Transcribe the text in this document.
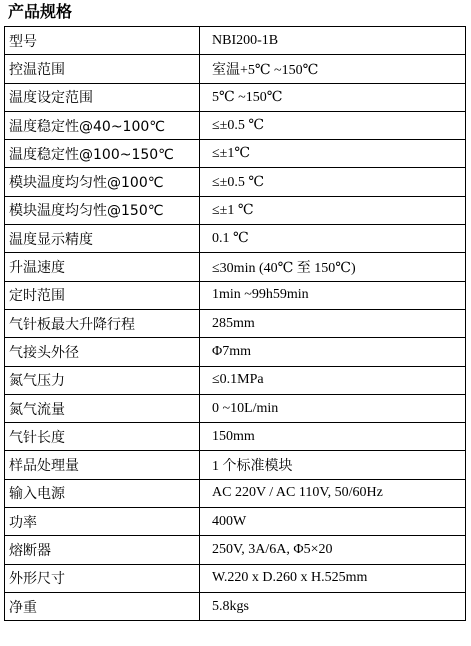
产品规格
型号	NBI200-1B
控温范围	室温+5℃ ~150℃
温度设定范围	5℃ ~150℃
温度稳定性@40~100℃	≤±0.5 ℃
温度稳定性@100~150℃	≤±1℃
模块温度均匀性@100℃	≤±0.5 ℃
模块温度均匀性@150℃	≤±1 ℃
温度显示精度	0.1 ℃
升温速度	≤30min (40℃ 至 150℃)
定时范围	1min ~99h59min
气针板最大升降行程	285mm
气接头外径	Φ7mm
氮气压力	≤0.1MPa
氮气流量	0 ~10L/min
气针长度	150mm
样品处理量	1 个标准模块
输入电源	AC 220V / AC 110V, 50/60Hz
功率	400W
熔断器	250V, 3A/6A, Φ5×20
外形尺寸	W.220 x D.260 x H.525mm
净重	5.8kgs
